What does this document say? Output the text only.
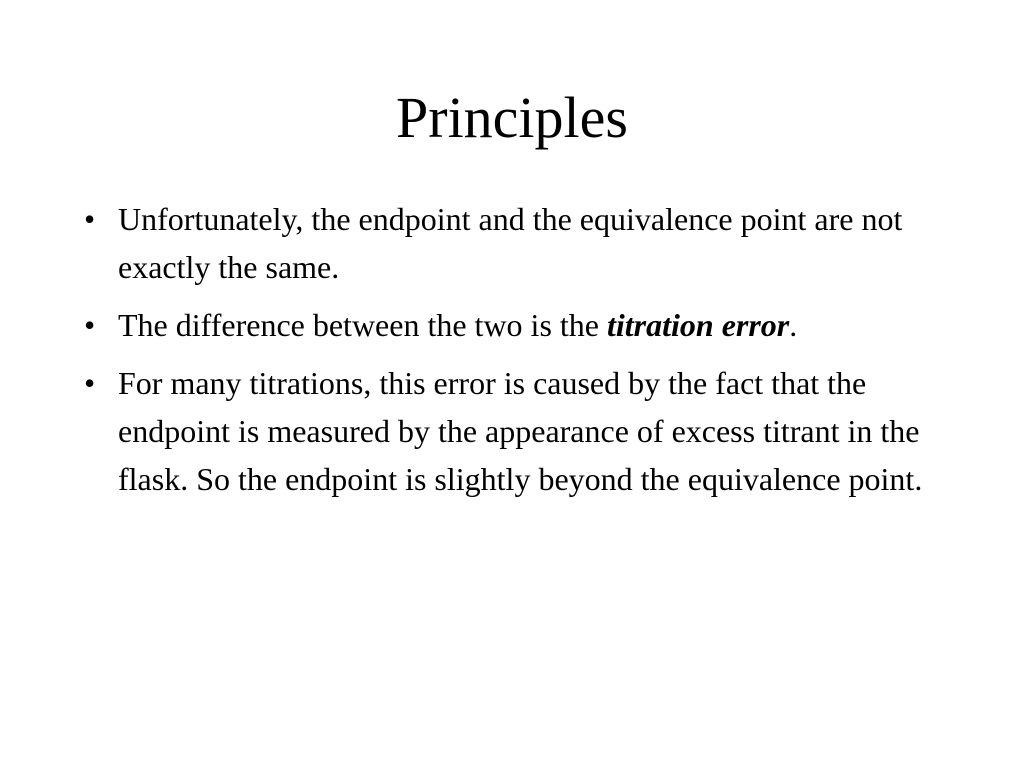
Principles
• Unfortunately, the endpoint and the equivalence point are not exactly the same.
• The difference between the two is the titration error.
• For many titrations, this error is caused by the fact that the endpoint is measured by the appearance of excess titrant in the flask. So the endpoint is slightly beyond the equivalence point.
